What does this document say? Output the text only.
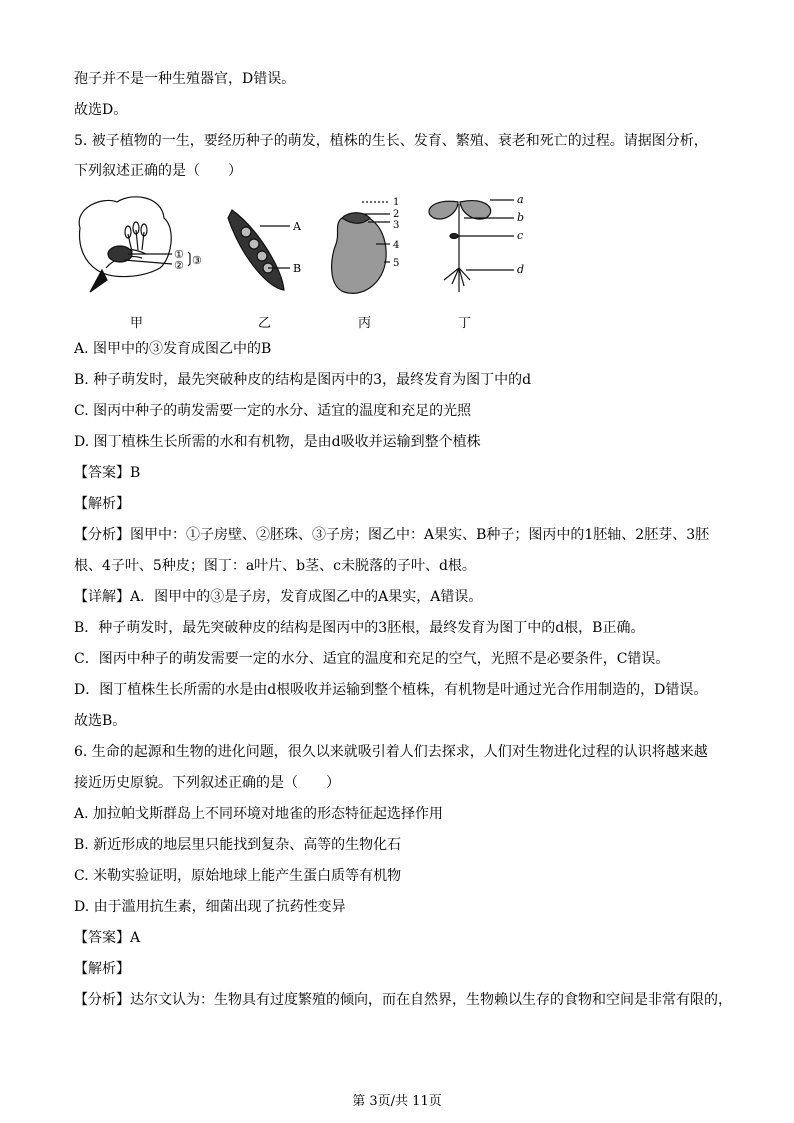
孢子并不是一种生殖器官，D错误。
故选D。
5. 被子植物的一生，要经历种子的萌发，植株的生长、发育、繁殖、衰老和死亡的过程。请据图分析，
下列叙述正确的是（　　）
①
② ③
A
B
1
2
3
4
5
a
b
c
d
甲	乙	丙	丁
A. 图甲中的③发育成图乙中的B
B. 种子萌发时，最先突破种皮的结构是图丙中的3，最终发育为图丁中的d
C. 图丙中种子的萌发需要一定的水分、适宜的温度和充足的光照
D. 图丁植株生长所需的水和有机物，是由d吸收并运输到整个植株
【答案】B
【解析】
【分析】图甲中：①子房壁、②胚珠、③子房；图乙中：A果实、B种子；图丙中的1胚轴、2胚芽、3胚
根、4子叶、5种皮；图丁：a叶片、b茎、c未脱落的子叶、d根。
【详解】A．图甲中的③是子房，发育成图乙中的A果实，A错误。
B．种子萌发时，最先突破种皮的结构是图丙中的3胚根，最终发育为图丁中的d根，B正确。
C．图丙中种子的萌发需要一定的水分、适宜的温度和充足的空气，光照不是必要条件，C错误。
D．图丁植株生长所需的水是由d根吸收并运输到整个植株，有机物是叶通过光合作用制造的，D错误。
故选B。
6. 生命的起源和生物的进化问题，很久以来就吸引着人们去探求，人们对生物进化过程的认识将越来越
接近历史原貌。下列叙述正确的是（　　）
A. 加拉帕戈斯群岛上不同环境对地雀的形态特征起选择作用
B. 新近形成的地层里只能找到复杂、高等的生物化石
C. 米勒实验证明，原始地球上能产生蛋白质等有机物
D. 由于滥用抗生素，细菌出现了抗药性变异
【答案】A
【解析】
【分析】达尔文认为：生物具有过度繁殖的倾向，而在自然界，生物赖以生存的食物和空间是非常有限的，
第 3页/共 11页
